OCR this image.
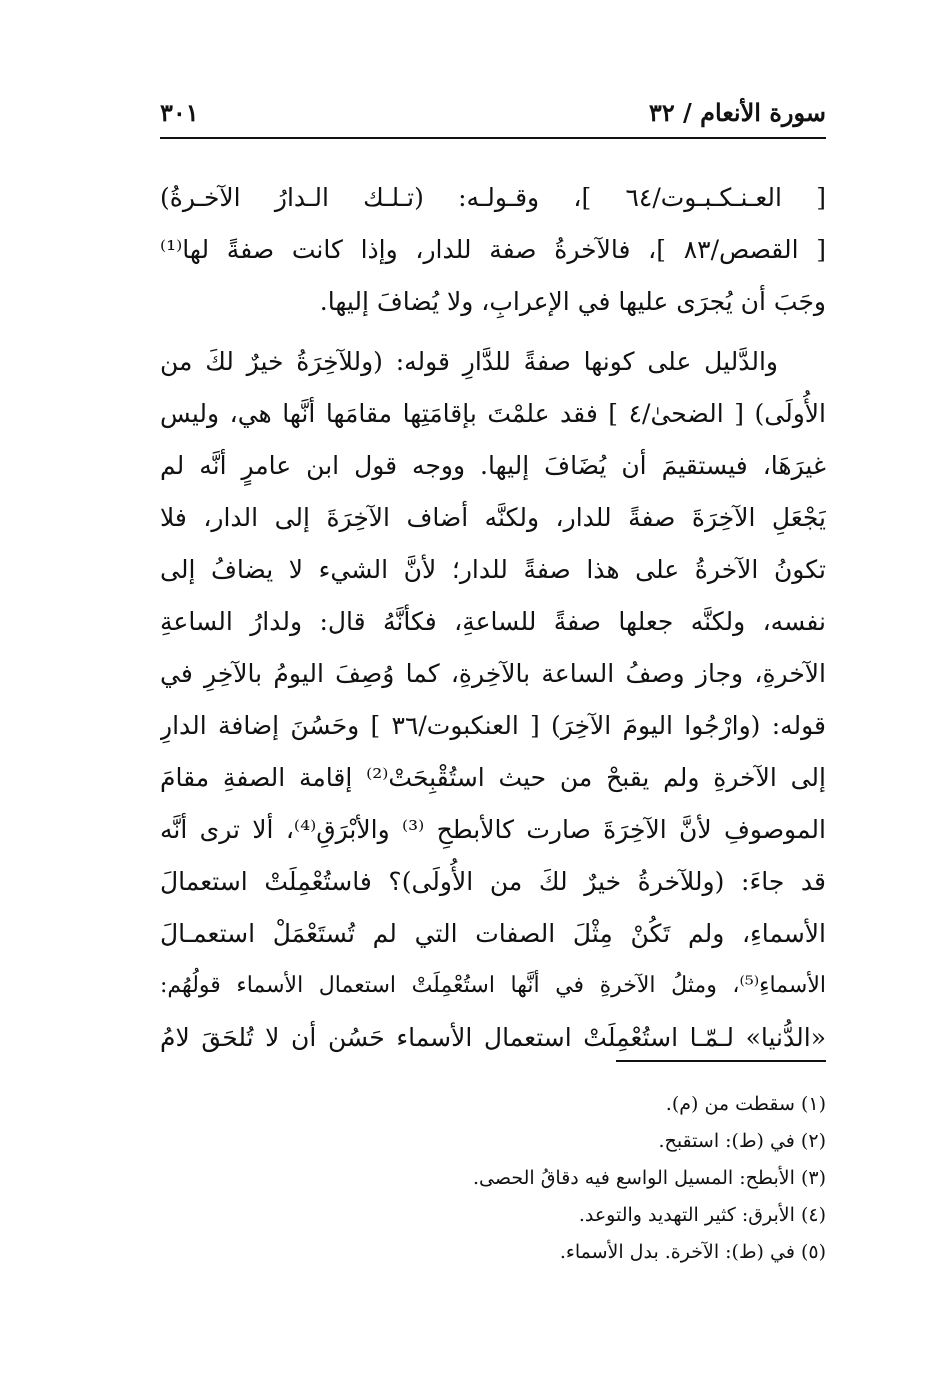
سورة الأنعام / ٣٢
٣٠١
[ العـنـكـبـوت/٦٤ ]، وقـولـه: (تـلـك الـدارُ الآخـرةُ)
[ القصص/٨٣ ]، فالآخرةُ صفة للدار، وإذا كانت صفةً لها⁽¹⁾
وجَبَ أن يُجرَى عليها في الإعرابِ، ولا يُضافَ إليها.
والدَّليل على كونها صفةً للدَّارِ قوله: (وللآخِرَةُ خيرٌ لكَ من
الأُولَى) [ الضحىٰ/٤ ] فقد علمْتَ بإقامَتِها مقامَها أنَّها هي، وليس
غيرَهَا، فيستقيمَ أن يُضَافَ إليها. ووجه قول ابن عامرٍ أنَّه لم
يَجْعَلِ الآخِرَةَ صفةً للدار، ولكنَّه أضاف الآخِرَةَ إلى الدار، فلا
تكونُ الآخرةُ على هذا صفةً للدار؛ لأنَّ الشيء لا يضافُ إلى
نفسه، ولكنَّه جعلها صفةً للساعةِ، فكأنَّهُ قال: ولدارُ الساعةِ
الآخرةِ، وجاز وصفُ الساعة بالآخِرةِ، كما وُصِفَ اليومُ بالآخِرِ في
قوله: (وارْجُوا اليومَ الآخِرَ) [ العنكبوت/٣٦ ] وحَسُنَ إضافة الدارِ
إلى الآخرةِ ولم يقبحْ من حيث استُقْبِحَتْ⁽²⁾ إقامة الصفةِ مقامَ
الموصوفِ لأنَّ الآخِرَةَ صارت كالأبطحِ ⁽³⁾ والأبْرَقِ⁽⁴⁾، ألا ترى أنَّه
قد جاءَ: (وللآخرةُ خيرٌ لكَ من الأُولَى)؟ فاستُعْمِلَتْ استعمالَ
الأسماءِ، ولم تَكُنْ مِثْلَ الصفات التي لم تُستَعْمَلْ استعمـالَ
الأسماءِ⁽⁵⁾، ومثلُ الآخرةِ في أنَّها استُعْمِلَتْ استعمال الأسماء قولُهُم:
«الدُّنيا» لـمّـا استُعْمِلَتْ استعمال الأسماء حَسُن أن لا تُلحَقَ لامُ
(١) سقطت من (م).
(٢) في (ط): استقبح.
(٣) الأبطح: المسيل الواسع فيه دقاقُ الحصى.
(٤) الأبرق: كثير التهديد والتوعد.
(٥) في (ط): الآخرة. بدل الأسماء.
